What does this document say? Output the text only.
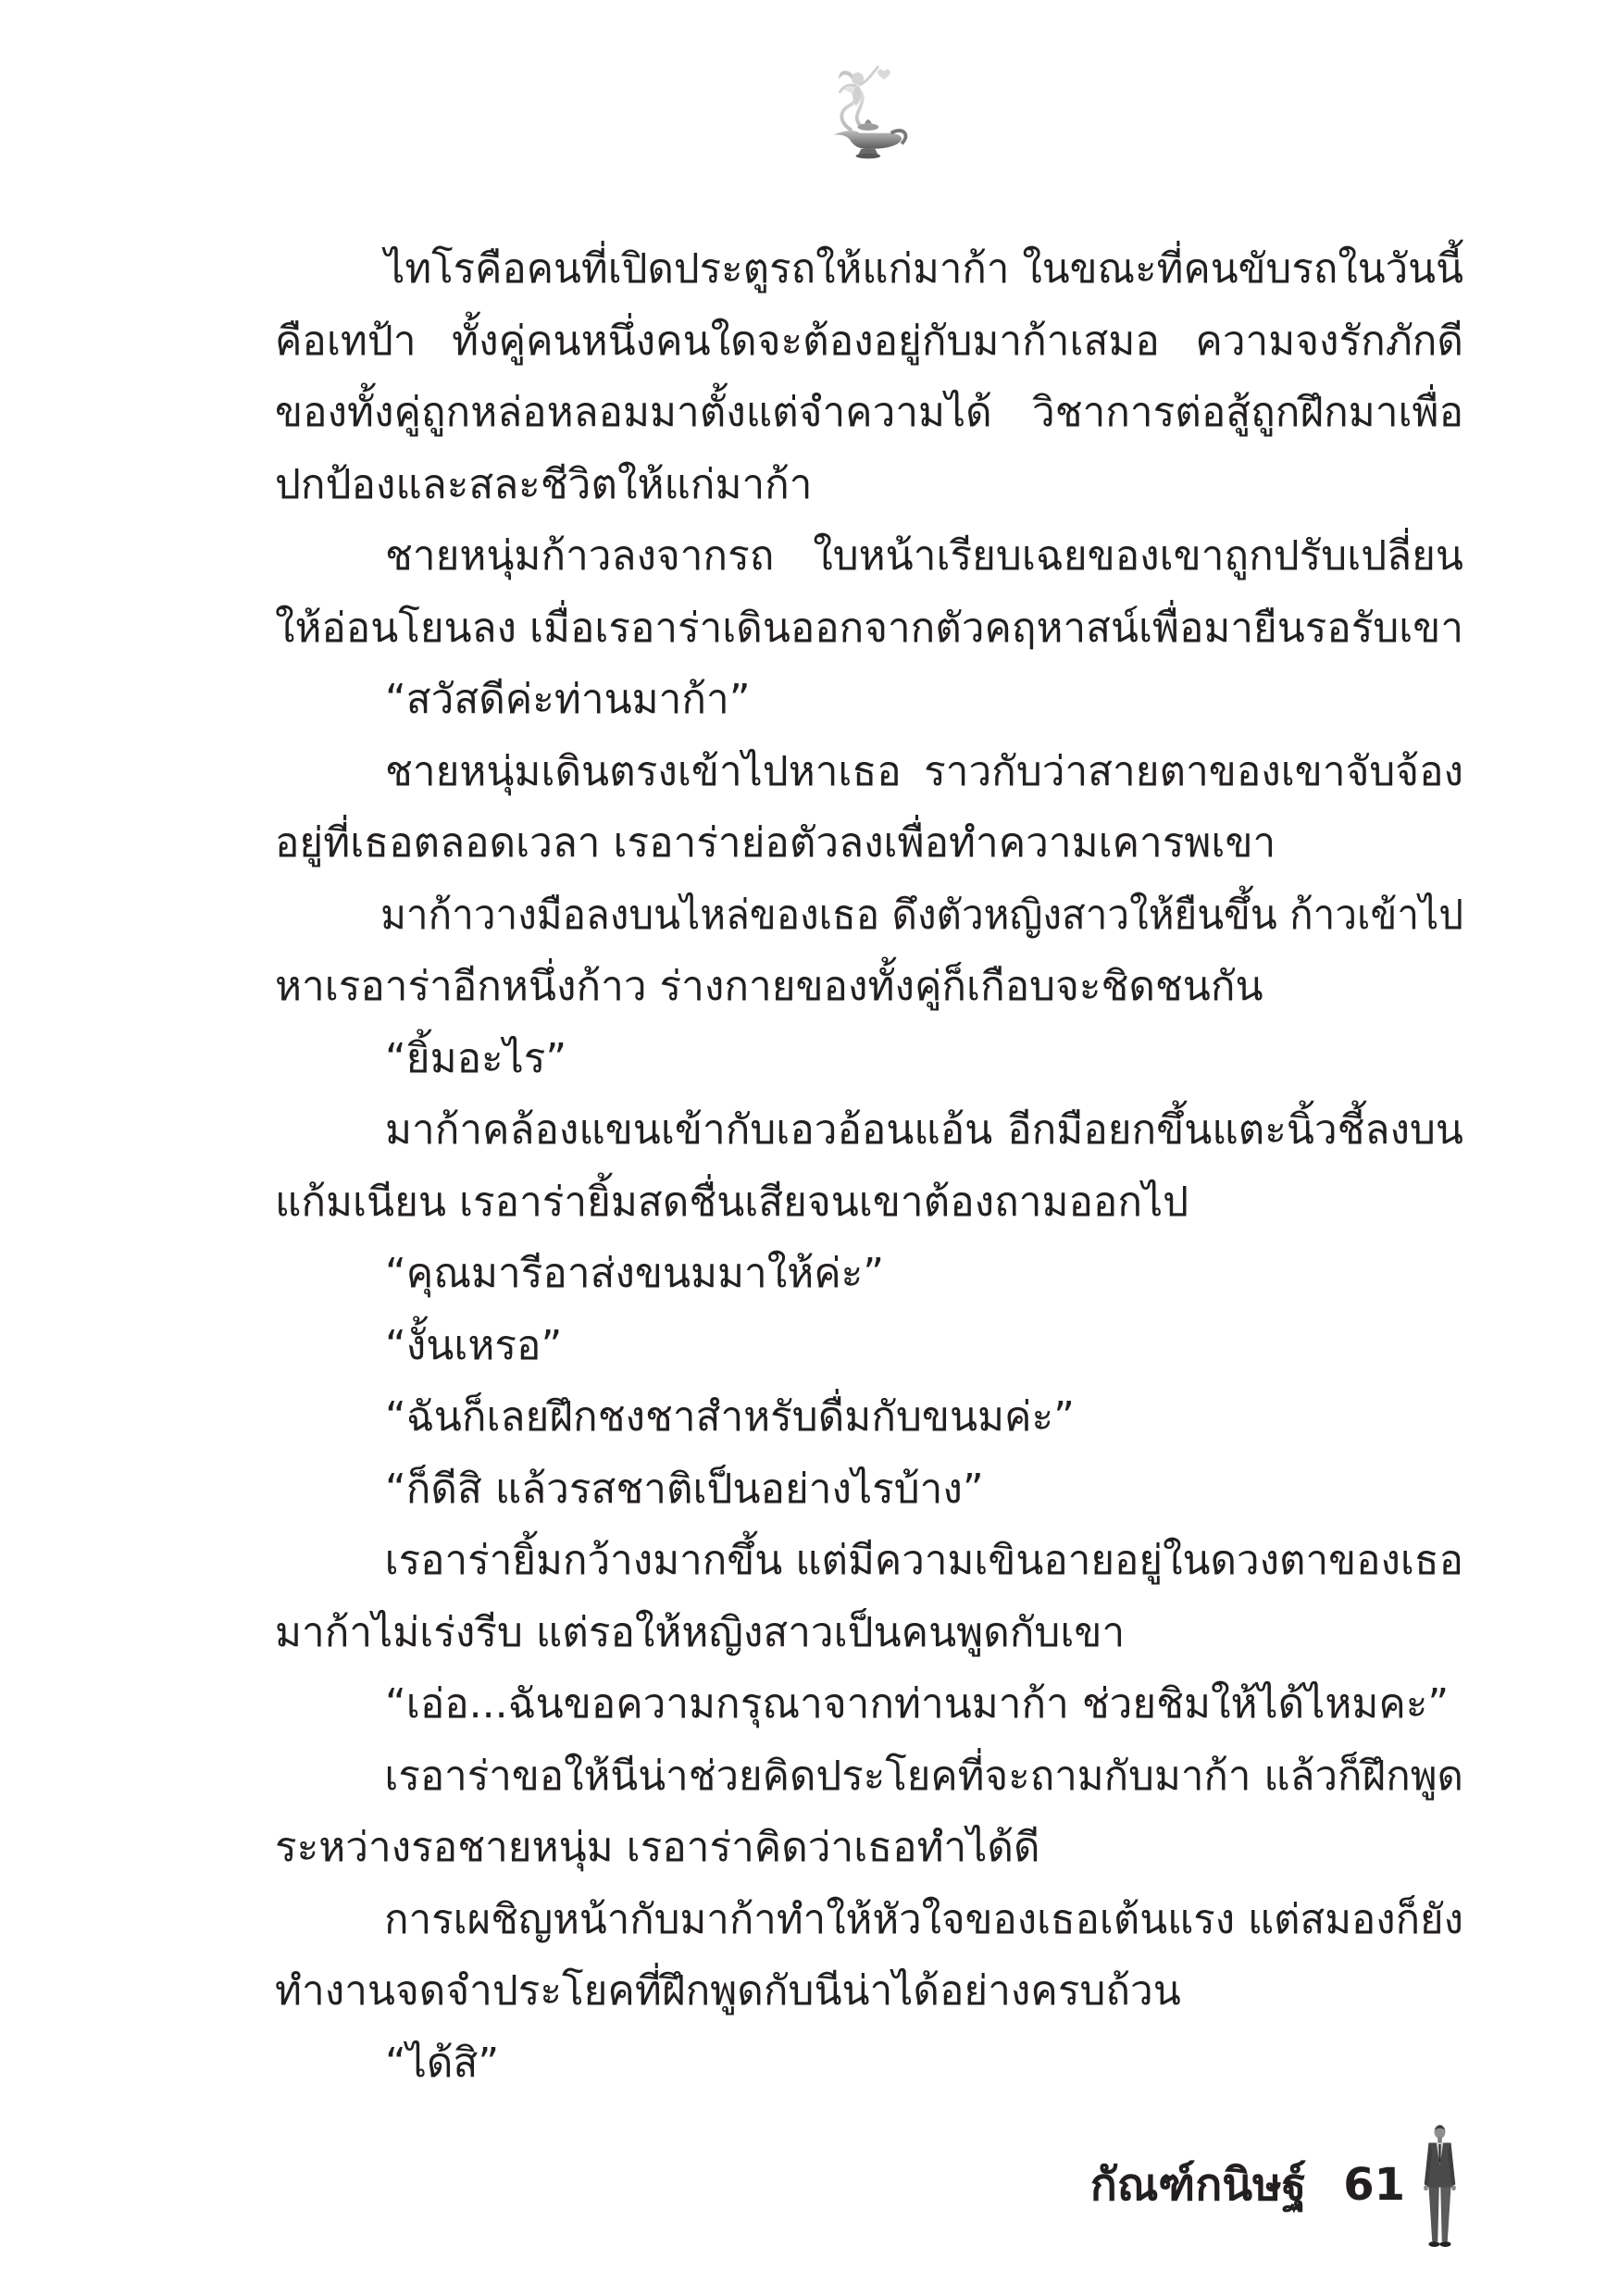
ไทโรคือคนที่เปิดประตูรถให้แก่มาก้า ในขณะที่คนขับรถในวันนี้
คือเทป้า ทั้งคู่คนหนึ่งคนใดจะต้องอยู่กับมาก้าเสมอ ความจงรักภักดี
ของทั้งคู่ถูกหล่อหลอมมาตั้งแต่จำความได้ วิชาการต่อสู้ถูกฝึกมาเพื่อ
ปกป้องและสละชีวิตให้แก่มาก้า
ชายหนุ่มก้าวลงจากรถ ใบหน้าเรียบเฉยของเขาถูกปรับเปลี่ยน
ให้อ่อนโยนลง เมื่อเรอาร่าเดินออกจากตัวคฤหาสน์เพื่อมายืนรอรับเขา
“สวัสดีค่ะท่านมาก้า”
ชายหนุ่มเดินตรงเข้าไปหาเธอ ราวกับว่าสายตาของเขาจับจ้อง
อยู่ที่เธอตลอดเวลา เรอาร่าย่อตัวลงเพื่อทำความเคารพเขา
มาก้าวางมือลงบนไหล่ของเธอ ดึงตัวหญิงสาวให้ยืนขึ้น ก้าวเข้าไป
หาเรอาร่าอีกหนึ่งก้าว ร่างกายของทั้งคู่ก็เกือบจะชิดชนกัน
“ยิ้มอะไร”
มาก้าคล้องแขนเข้ากับเอวอ้อนแอ้น อีกมือยกขึ้นแตะนิ้วชี้ลงบน
แก้มเนียน เรอาร่ายิ้มสดชื่นเสียจนเขาต้องถามออกไป
“คุณมารีอาส่งขนมมาให้ค่ะ”
“งั้นเหรอ”
“ฉันก็เลยฝึกชงชาสำหรับดื่มกับขนมค่ะ”
“ก็ดีสิ แล้วรสชาติเป็นอย่างไรบ้าง”
เรอาร่ายิ้มกว้างมากขึ้น แต่มีความเขินอายอยู่ในดวงตาของเธอ
มาก้าไม่เร่งรีบ แต่รอให้หญิงสาวเป็นคนพูดกับเขา
“เอ่อ...ฉันขอความกรุณาจากท่านมาก้า ช่วยชิมให้ได้ไหมคะ”
เรอาร่าขอให้นีน่าช่วยคิดประโยคที่จะถามกับมาก้า แล้วก็ฝึกพูด
ระหว่างรอชายหนุ่ม เรอาร่าคิดว่าเธอทำได้ดี
การเผชิญหน้ากับมาก้าทำให้หัวใจของเธอเต้นแรง แต่สมองก็ยัง
ทำงานจดจำประโยคที่ฝึกพูดกับนีน่าได้อย่างครบถ้วน
“ได้สิ”
กัณฑ์กนิษฐ์ 61
